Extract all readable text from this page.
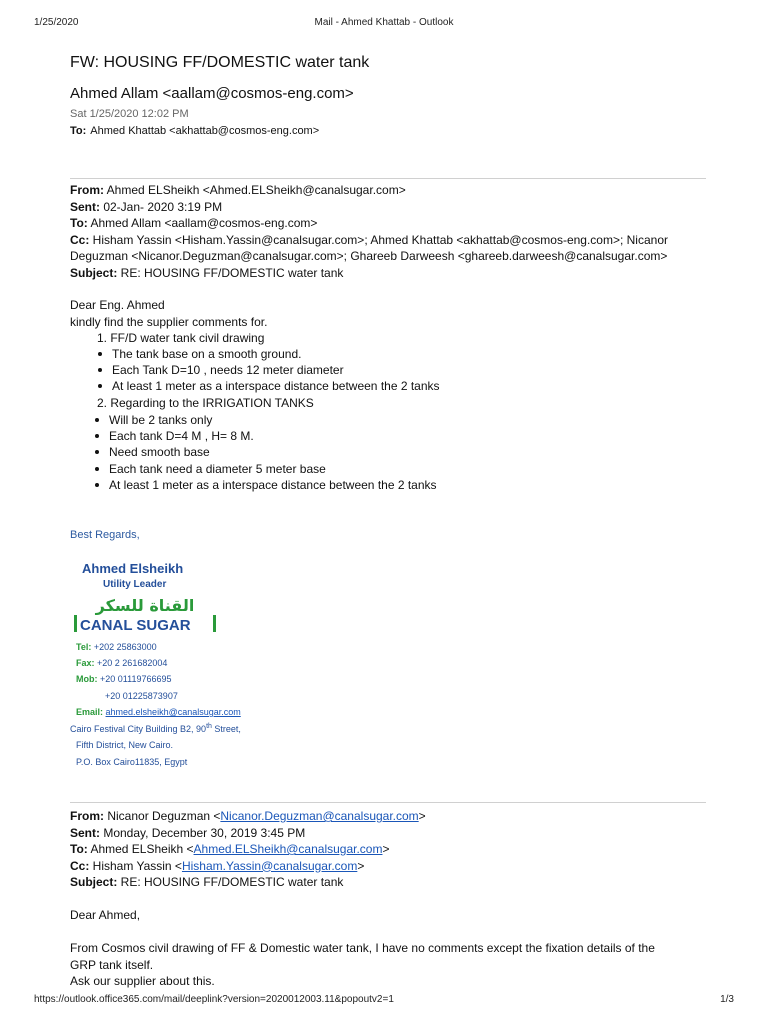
1/25/2020	Mail - Ahmed Khattab - Outlook
FW: HOUSING FF/DOMESTIC water tank
Ahmed Allam <aallam@cosmos-eng.com>
Sat 1/25/2020 12:02 PM
To: Ahmed Khattab <akhattab@cosmos-eng.com>
From: Ahmed ELSheikh <Ahmed.ELSheikh@canalsugar.com>
Sent: 02-Jan- 2020 3:19 PM
To: Ahmed Allam <aallam@cosmos-eng.com>
Cc: Hisham Yassin <Hisham.Yassin@canalsugar.com>; Ahmed Khattab <akhattab@cosmos-eng.com>; Nicanor
Deguzman <Nicanor.Deguzman@canalsugar.com>; Ghareeb Darweesh <ghareeb.darweesh@canalsugar.com>
Subject: RE: HOUSING FF/DOMESTIC water tank
Dear Eng. Ahmed
kindly find the supplier comments for.
1. FF/D water tank civil drawing
The tank base on a smooth ground.
Each Tank D=10 , needs 12 meter diameter
At least 1 meter as a interspace distance between the 2 tanks
2. Regarding to the IRRIGATION TANKS
Will be 2 tanks only
Each tank D=4 M , H= 8 M.
Need smooth base
Each tank need a diameter 5 meter base
At least 1 meter as a interspace distance between the 2 tanks
Best Regards,
Ahmed Elsheikh
Utility Leader
القناة للسكر
CANAL SUGAR
Tel: +202 25863000
Fax: +20 2 261682004
Mob: +20 01119766695
+20 01225873907
Email: ahmed.elsheikh@canalsugar.com
Cairo Festival City Building B2, 90th Street,
Fifth District, New Cairo.
P.O. Box Cairo11835, Egypt
From: Nicanor Deguzman <Nicanor.Deguzman@canalsugar.com>
Sent: Monday, December 30, 2019 3:45 PM
To: Ahmed ELSheikh <Ahmed.ELSheikh@canalsugar.com>
Cc: Hisham Yassin <Hisham.Yassin@canalsugar.com>
Subject: RE: HOUSING FF/DOMESTIC water tank
Dear Ahmed,
From Cosmos civil drawing of FF & Domestic water tank, I have no comments except the fixation details of the
GRP tank itself.
Ask our supplier about this.
https://outlook.office365.com/mail/deeplink?version=2020012003.11&popoutv2=1	1/3
